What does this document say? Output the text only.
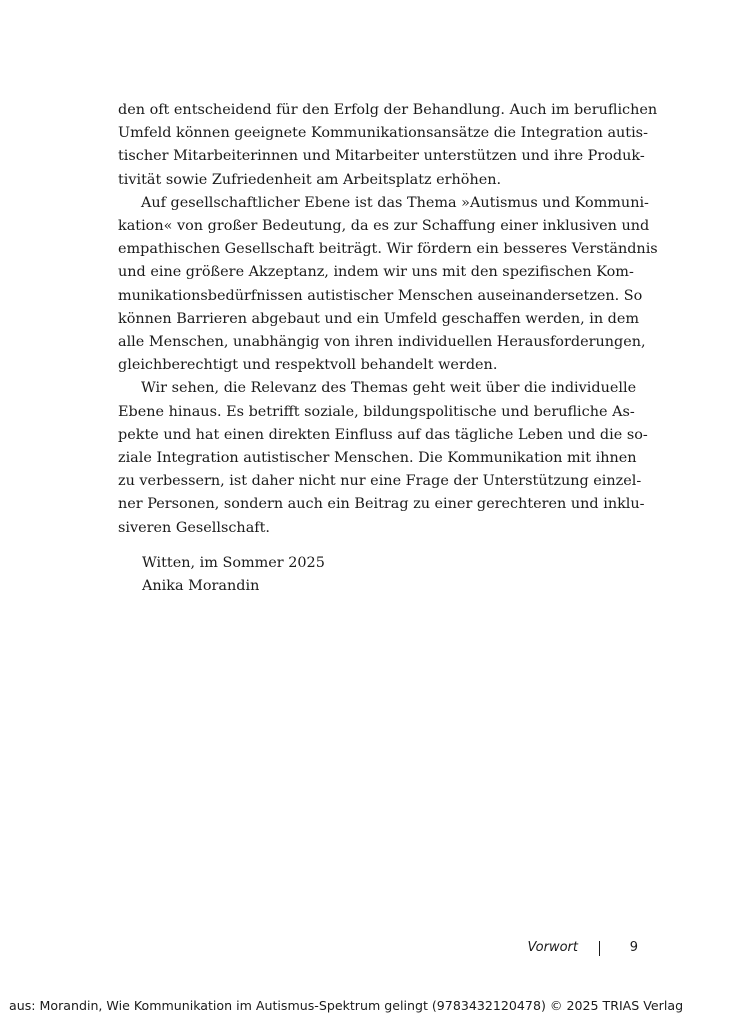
den oft entscheidend für den Erfolg der Behandlung. Auch im beruflichen
Umfeld können geeignete Kommunikationsansätze die Integration autis-
tischer Mitarbeiterinnen und Mitarbeiter unterstützen und ihre Produk-
tivität sowie Zufriedenheit am Arbeitsplatz erhöhen.

Auf gesellschaftlicher Ebene ist das Thema »Autismus und Kommuni-
kation« von großer Bedeutung, da es zur Schaffung einer inklusiven und
empathischen Gesellschaft beiträgt. Wir fördern ein besseres Verständnis
und eine größere Akzeptanz, indem wir uns mit den spezifischen Kom-
munikationsbedürfnissen autistischer Menschen auseinandersetzen. So
können Barrieren abgebaut und ein Umfeld geschaffen werden, in dem
alle Menschen, unabhängig von ihren individuellen Herausforderungen,
gleichberechtigt und respektvoll behandelt werden.

Wir sehen, die Relevanz des Themas geht weit über die individuelle
Ebene hinaus. Es betrifft soziale, bildungspolitische und berufliche As-
pekte und hat einen direkten Einfluss auf das tägliche Leben und die so-
ziale Integration autistischer Menschen. Die Kommunikation mit ihnen
zu verbessern, ist daher nicht nur eine Frage der Unterstützung einzel-
ner Personen, sondern auch ein Beitrag zu einer gerechteren und inklu-
siveren Gesellschaft.

Witten, im Sommer 2025
Anika Morandin
Vorwort	9
aus: Morandin, Wie Kommunikation im Autismus-Spektrum gelingt (9783432120478) © 2025 TRIAS Verlag
